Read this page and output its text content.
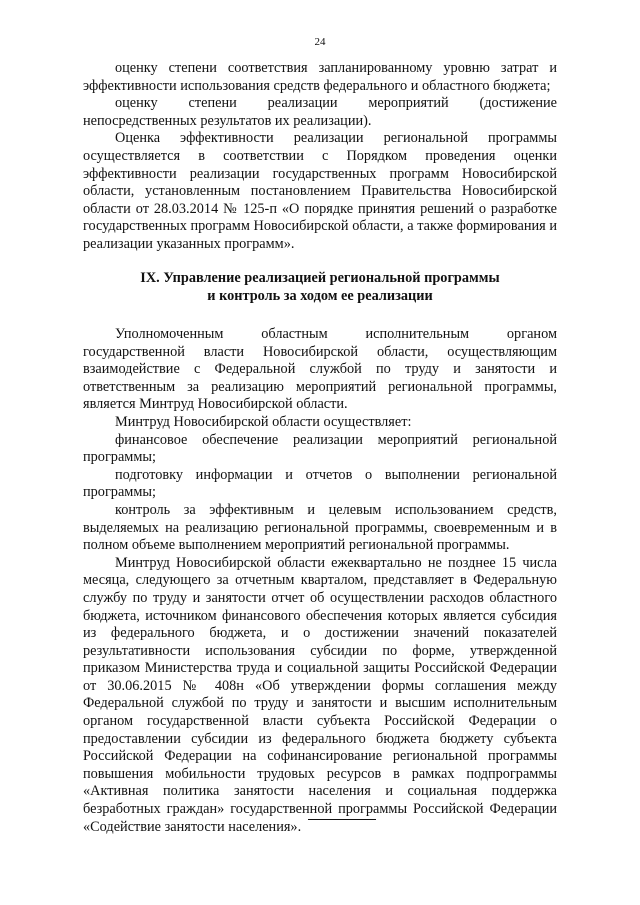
24

оценку степени соответствия запланированному уровню затрат и эффективности использования средств федерального и областного бюджета;

оценку степени реализации мероприятий (достижение непосредственных результатов их реализации).

Оценка эффективности реализации региональной программы осуществляется в соответствии с Порядком проведения оценки эффективности реализации государственных программ Новосибирской области, установленным постановлением Правительства Новосибирской области от 28.03.2014 № 125-п «О порядке принятия решений о разработке государственных программ Новосибирской области, а также формирования и реализации указанных программ».

IX. Управление реализацией региональной программы
и контроль за ходом ее реализации

Уполномоченным областным исполнительным органом государственной власти Новосибирской области, осуществляющим взаимодействие с Федеральной службой по труду и занятости и ответственным за реализацию мероприятий региональной программы, является Минтруд Новосибирской области.

Минтруд Новосибирской области осуществляет:

финансовое обеспечение реализации мероприятий региональной программы;

подготовку информации и отчетов о выполнении региональной программы;

контроль за эффективным и целевым использованием средств, выделяемых на реализацию региональной программы, своевременным и в полном объеме выполнением мероприятий региональной программы.

Минтруд Новосибирской области ежеквартально не позднее 15 числа месяца, следующего за отчетным кварталом, представляет в Федеральную службу по труду и занятости отчет об осуществлении расходов областного бюджета, источником финансового обеспечения которых является субсидия из федерального бюджета, и о достижении значений показателей результативности использования субсидии по форме, утвержденной приказом Министерства труда и социальной защиты Российской Федерации от 30.06.2015 № 408н «Об утверждении формы соглашения между Федеральной службой по труду и занятости и высшим исполнительным органом государственной власти субъекта Российской Федерации о предоставлении субсидии из федерального бюджета бюджету субъекта Российской Федерации на софинансирование региональной программы повышения мобильности трудовых ресурсов в рамках подпрограммы «Активная политика занятости населения и социальная поддержка безработных граждан» государственной программы Российской Федерации «Содействие занятости населения».
